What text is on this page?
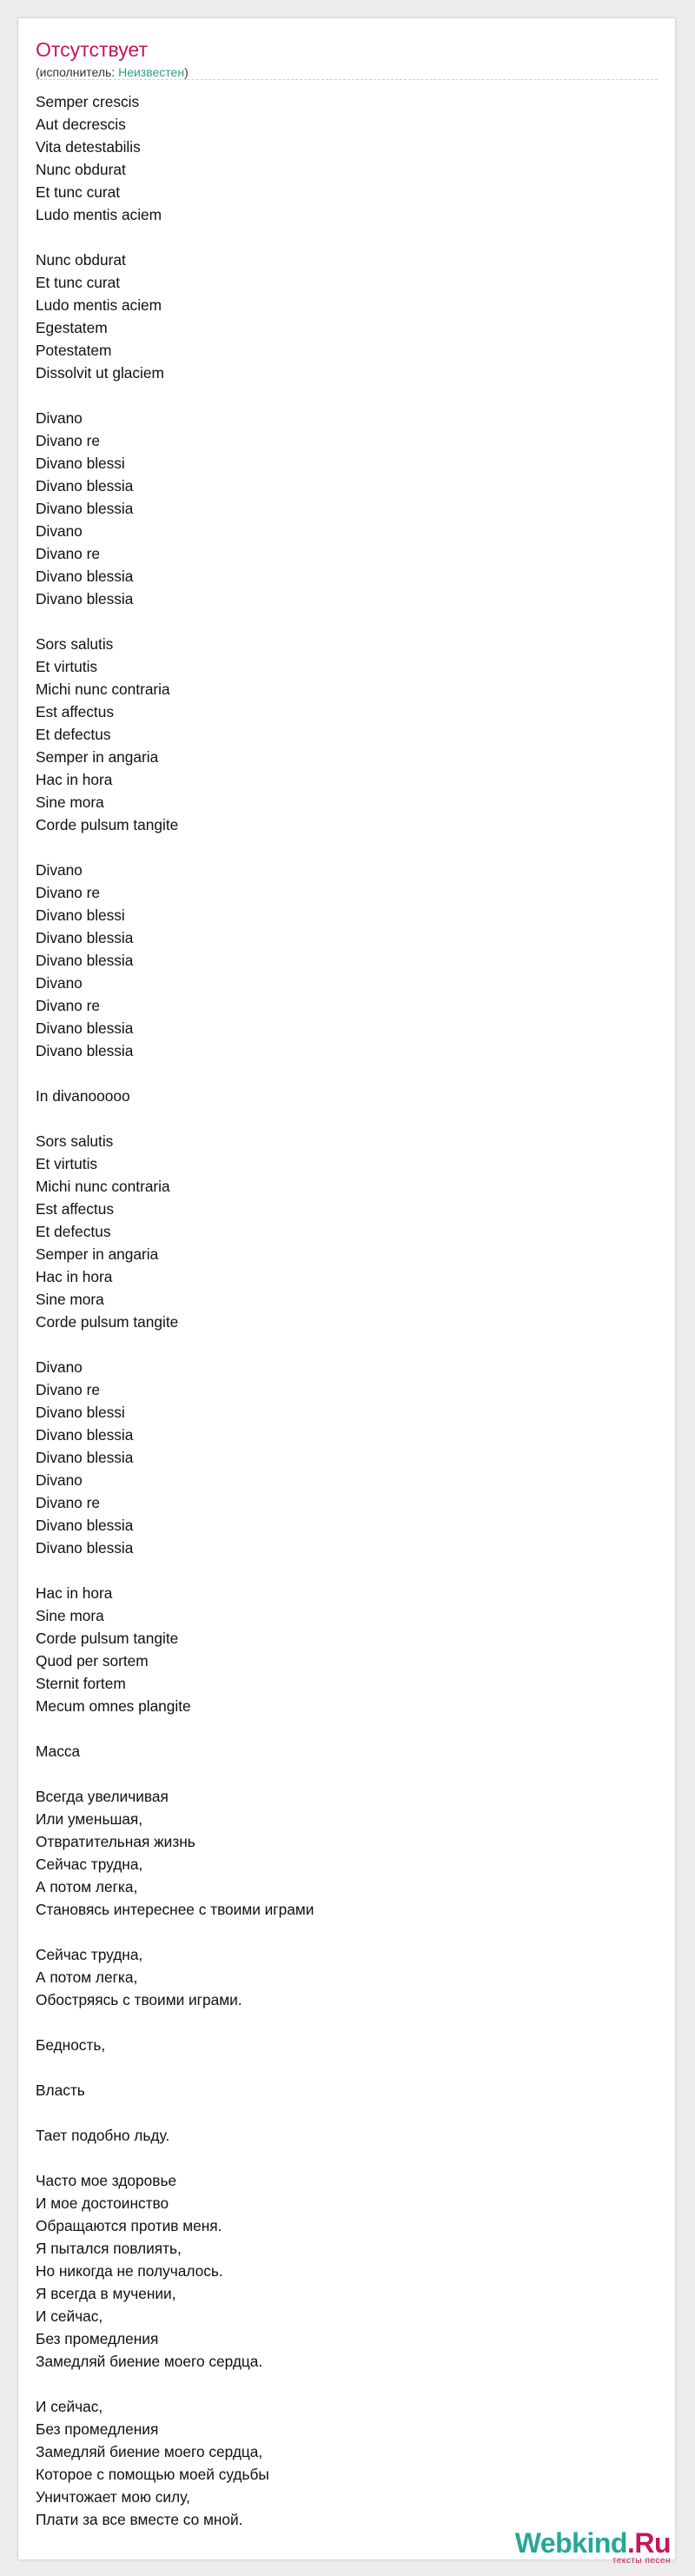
Отсутствует
(исполнитель: Неизвестен)
Semper crescis
Aut decrescis
Vita detestabilis
Nunc obdurat
Et tunc curat
Ludo mentis aciem

Nunc obdurat
Et tunc curat
Ludo mentis aciem
Egestatem
Potestatem
Dissolvit ut glaciem

Divano
Divano re
Divano blessi
Divano blessia
Divano blessia
Divano
Divano re
Divano blessia
Divano blessia

Sors salutis
Et virtutis
Michi nunc contraria
Est affectus
Et defectus
Semper in angaria
Hac in hora
Sine mora
Corde pulsum tangite

Divano
Divano re
Divano blessi
Divano blessia
Divano blessia
Divano
Divano re
Divano blessia
Divano blessia

In divanooooo

Sors salutis
Et virtutis
Michi nunc contraria
Est affectus
Et defectus
Semper in angaria
Hac in hora
Sine mora
Corde pulsum tangite

Divano
Divano re
Divano blessi
Divano blessia
Divano blessia
Divano
Divano re
Divano blessia
Divano blessia

Hac in hora
Sine mora
Corde pulsum tangite
Quod per sortem
Sternit fortem
Mecum omnes plangite

Масса

Всегда увеличивая
Или уменьшая,
Отвратительная жизнь
Сейчас трудна,
А потом легка,
Становясь интереснее с твоими играми

Сейчас трудна,
А потом легка,
Обостряясь с твоими играми.

Бедность,

Власть

Тает подобно льду.

Часто мое здоровье
И мое достоинство
Обращаются против меня.
Я пытался повлиять,
Но никогда не получалось.
Я всегда в мучении,
И сейчас,
Без промедления
Замедляй биение моего сердца.

И сейчас,
Без промедления
Замедляй биение моего сердца,
Которое с помощью моей судьбы
Уничтожает мою силу,
Плати за все вместе со мной.
Webkind.Ru
тексты песен
